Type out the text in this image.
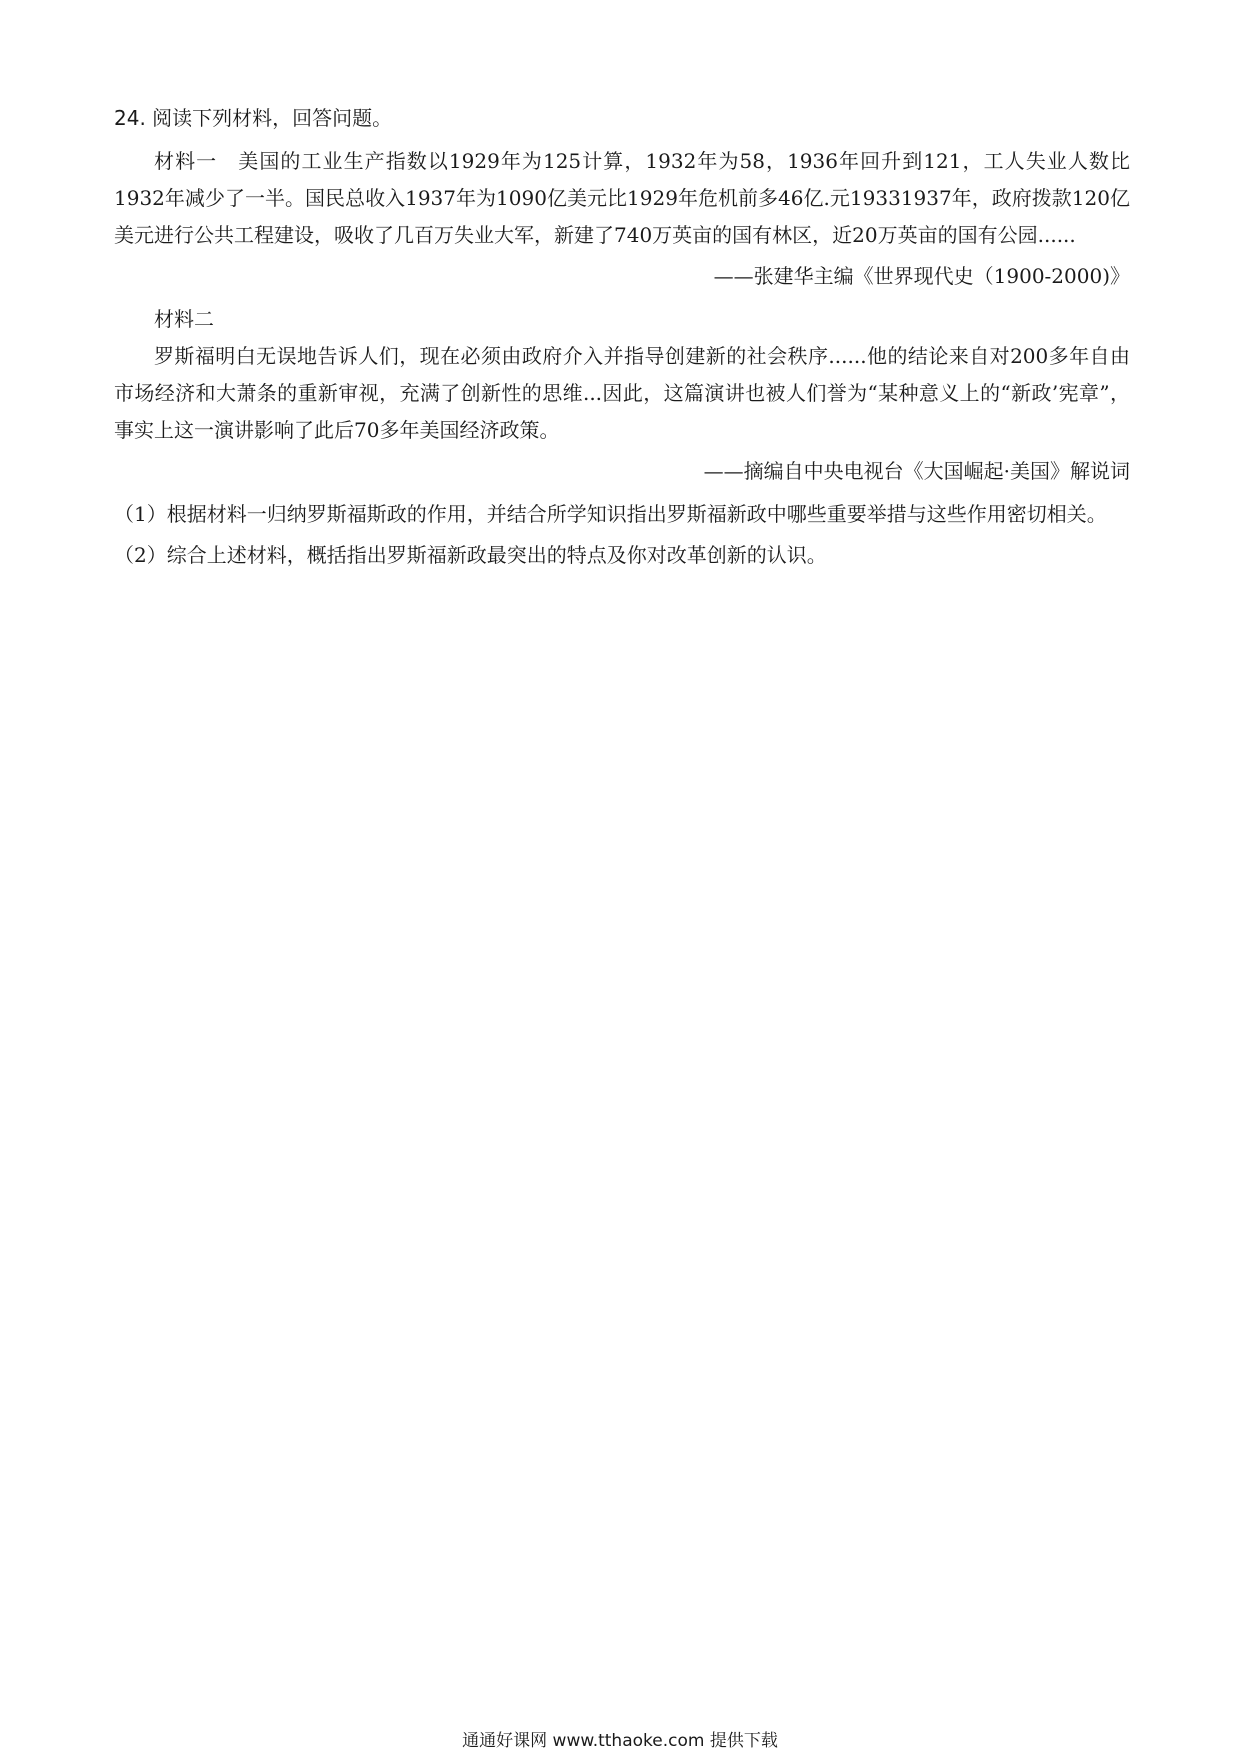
24. 阅读下列材料，回答问题。

材料一　美国的工业生产指数以1929年为125计算，1932年为58，1936年回升到121，工人失业人数比1932年减少了一半。国民总收入1937年为1090亿美元比1929年危机前多46亿.元19331937年，政府拨款120亿美元进行公共工程建设，吸收了几百万失业大军，新建了740万英亩的国有林区，近20万英亩的国有公园......

——张建华主编《世界现代史（1900-2000)》

材料二

罗斯福明白无误地告诉人们，现在必须由政府介入并指导创建新的社会秩序......他的结论来自对200多年自由市场经济和大萧条的重新审视，充满了创新性的思维...因此，这篇演讲也被人们誉为“某种意义上的“新政’宪章”，事实上这一演讲影响了此后70多年美国经济政策。

——摘编自中央电视台《大国崛起·美国》解说词

（1）根据材料一归纳罗斯福斯政的作用，并结合所学知识指出罗斯福新政中哪些重要举措与这些作用密切相关。

（2）综合上述材料，概括指出罗斯福新政最突出的特点及你对改革创新的认识。

通通好课网 www.tthaoke.com 提供下载
